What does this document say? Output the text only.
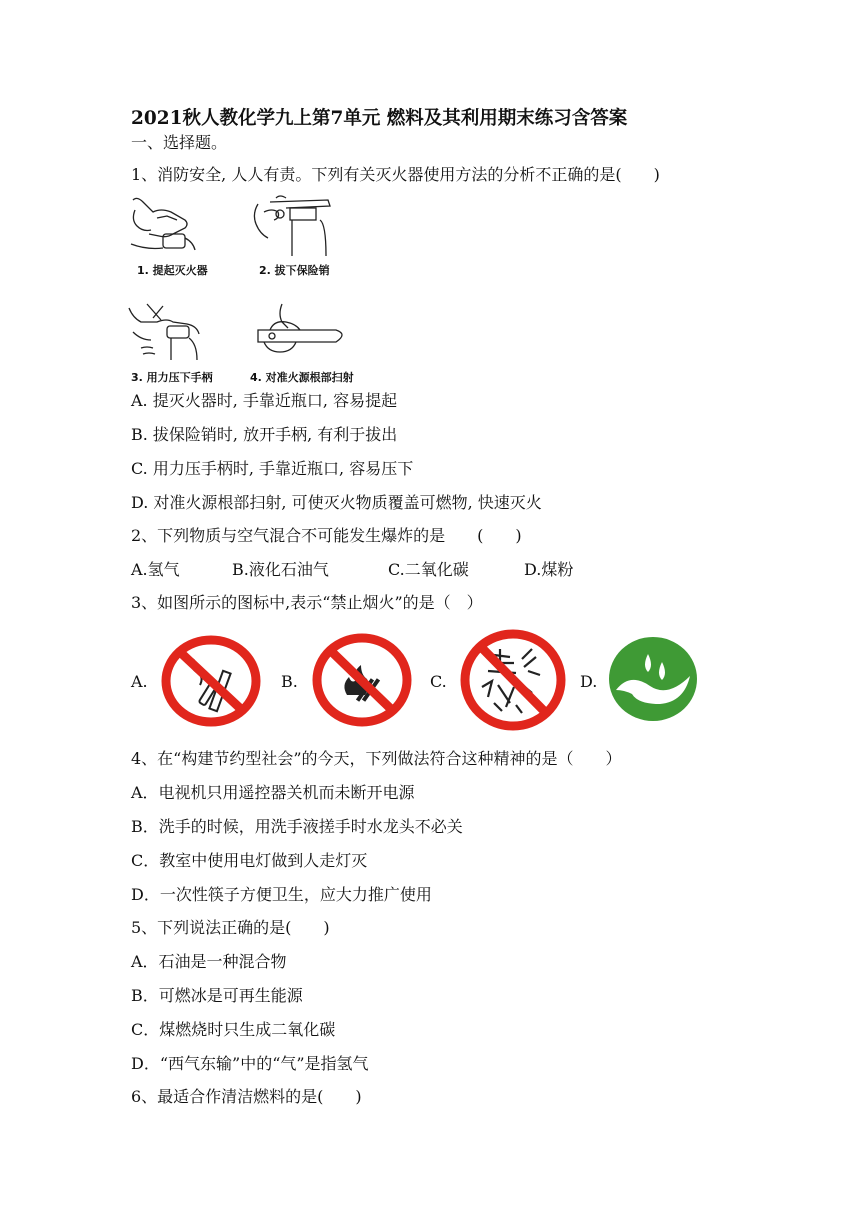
2021秋人教化学九上第7单元 燃料及其利用期末练习含答案
一、选择题。
1、消防安全, 人人有责。下列有关灭火器使用方法的分析不正确的是(　　)
1. 提起灭火器	2. 拔下保险销
3. 用力压下手柄	4. 对准火源根部扫射
A. 提灭火器时, 手靠近瓶口, 容易提起
B. 拔保险销时, 放开手柄, 有利于拔出
C. 用力压手柄时, 手靠近瓶口, 容易压下
D. 对准火源根部扫射, 可使灭火物质覆盖可燃物, 快速灭火
2、下列物质与空气混合不可能发生爆炸的是　　(　　)
A.氢气	B.液化石油气	C.二氧化碳	D.煤粉
3、如图所示的图标中,表示“禁止烟火”的是（　）
A.	B.	C.	D.
4、在“构建节约型社会”的今天，下列做法符合这种精神的是（　　）
A．电视机只用遥控器关机而未断开电源
B．洗手的时候，用洗手液搓手时水龙头不必关
C．教室中使用电灯做到人走灯灭
D．一次性筷子方便卫生，应大力推广使用
5、下列说法正确的是(　　)
A．石油是一种混合物
B．可燃冰是可再生能源
C．煤燃烧时只生成二氧化碳
D．“西气东输”中的“气”是指氢气
6、最适合作清洁燃料的是(　　)
